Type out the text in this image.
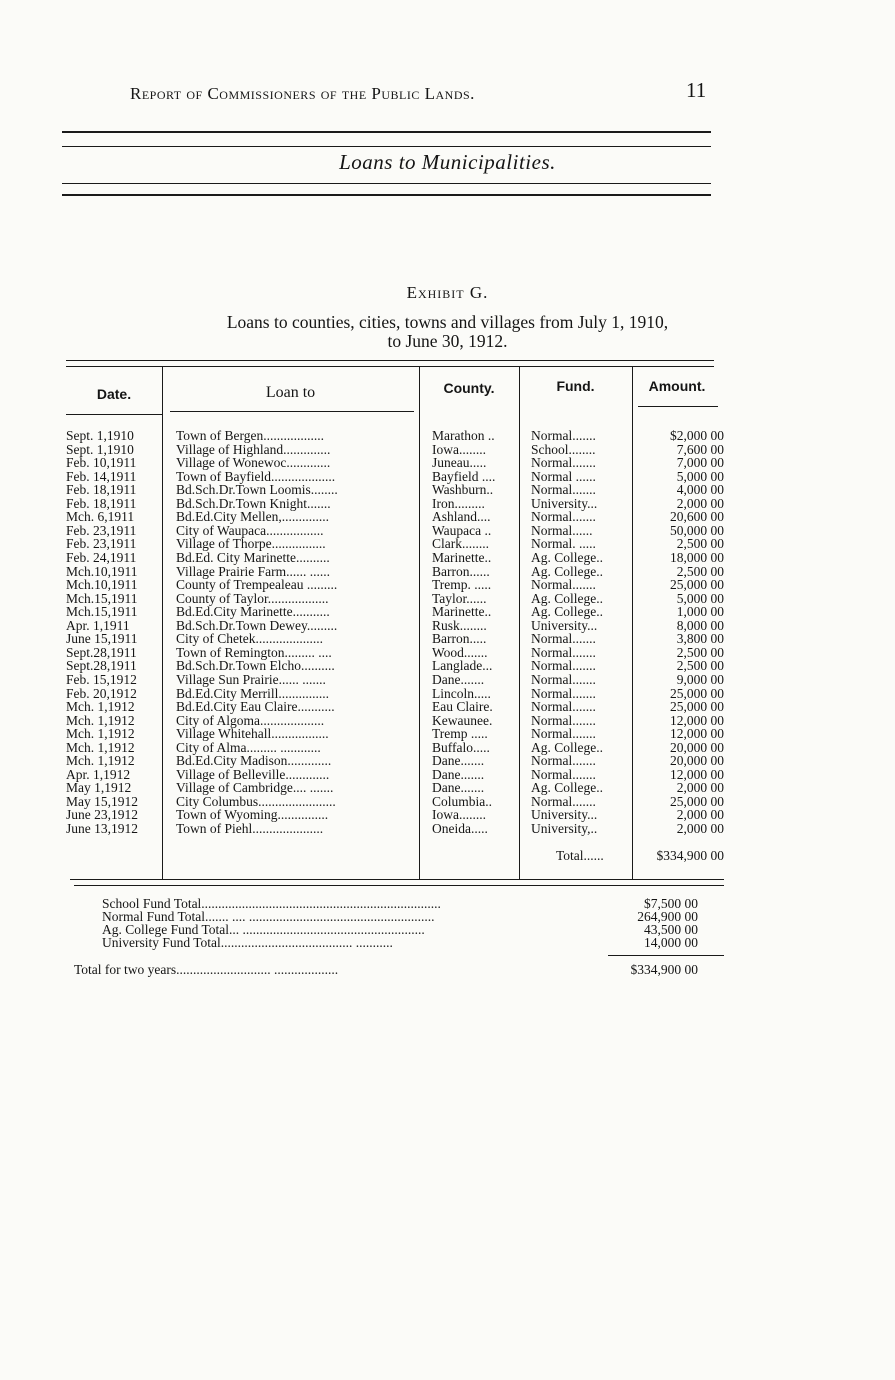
Report of Commissioners of the Public Lands.	11
Loans to Municipalities.
Exhibit G.
Loans to counties, cities, towns and villages from July 1, 1910,
to June 30, 1912.
Date.	Loan to	County.	Fund.	Amount.
Sept. 1,1910	Town of Bergen..................	Marathon ..	Normal.......	$2,000 00
Sept. 1,1910	Village of Highland..............	Iowa........	School........	7,600 00
Feb. 10,1911	Village of Wonewoc.............	Juneau.....	Normal.......	7,000 00
Feb. 14,1911	Town of Bayfield...................	Bayfield ....	Normal ......	5,000 00
Feb. 18,1911	Bd.Sch.Dr.Town Loomis........	Washburn..	Normal.......	4,000 00
Feb. 18,1911	Bd.Sch.Dr.Town Knight.......	Iron.........	University...	2,000 00
Mch. 6,1911	Bd.Ed.City Mellen,..............	Ashland....	Normal.......	20,600 00
Feb. 23,1911	City of Waupaca.................	Waupaca ..	Normal......	50,000 00
Feb. 23,1911	Village of Thorpe................	Clark........	Normal. .....	2,500 00
Feb. 24,1911	Bd.Ed. City Marinette..........	Marinette..	Ag. College..	18,000 00
Mch.10,1911	Village Prairie Farm...... ......	Barron......	Ag. College..	2,500 00
Mch.10,1911	County of Trempealeau .........	Tremp. .....	Normal.......	25,000 00
Mch.15,1911	County of Taylor..................	Taylor......	Ag. College..	5,000 00
Mch.15,1911	Bd.Ed.City Marinette...........	Marinette..	Ag. College..	1,000 00
Apr. 1,1911	Bd.Sch.Dr.Town Dewey.........	Rusk........	University...	8,000 00
June 15,1911	City of Chetek....................	Barron.....	Normal.......	3,800 00
Sept.28,1911	Town of Remington......... ....	Wood.......	Normal.......	2,500 00
Sept.28,1911	Bd.Sch.Dr.Town Elcho..........	Langlade...	Normal.......	2,500 00
Feb. 15,1912	Village Sun Prairie...... .......	Dane.......	Normal.......	9,000 00
Feb. 20,1912	Bd.Ed.City Merrill...............	Lincoln.....	Normal.......	25,000 00
Mch. 1,1912	Bd.Ed.City Eau Claire...........	Eau Claire.	Normal.......	25,000 00
Mch. 1,1912	City of Algoma...................	Kewaunee.	Normal.......	12,000 00
Mch. 1,1912	Village Whitehall.................	Tremp .....	Normal.......	12,000 00
Mch. 1,1912	City of Alma......... ............	Buffalo.....	Ag. College..	20,000 00
Mch. 1,1912	Bd.Ed.City Madison.............	Dane.......	Normal.......	20,000 00
Apr. 1,1912	Village of Belleville.............	Dane.......	Normal.......	12,000 00
May 1,1912	Village of Cambridge.... .......	Dane.......	Ag. College..	2,000 00
May 15,1912	City Columbus.......................	Columbia..	Normal.......	25,000 00
June 23,1912	Town of Wyoming...............	Iowa........	University...	2,000 00
June 13,1912	Town of Piehl.....................	Oneida.....	University,..	2,000 00
Total......	$334,900 00
School Fund Total.......................................................................	$7,500 00
Normal Fund Total....... .... .......................................................	264,900 00
Ag. College Fund Total... ......................................................	43,500 00
University Fund Total....................................... ...........	14,000 00
Total for two years............................ ...................	$334,900 00
